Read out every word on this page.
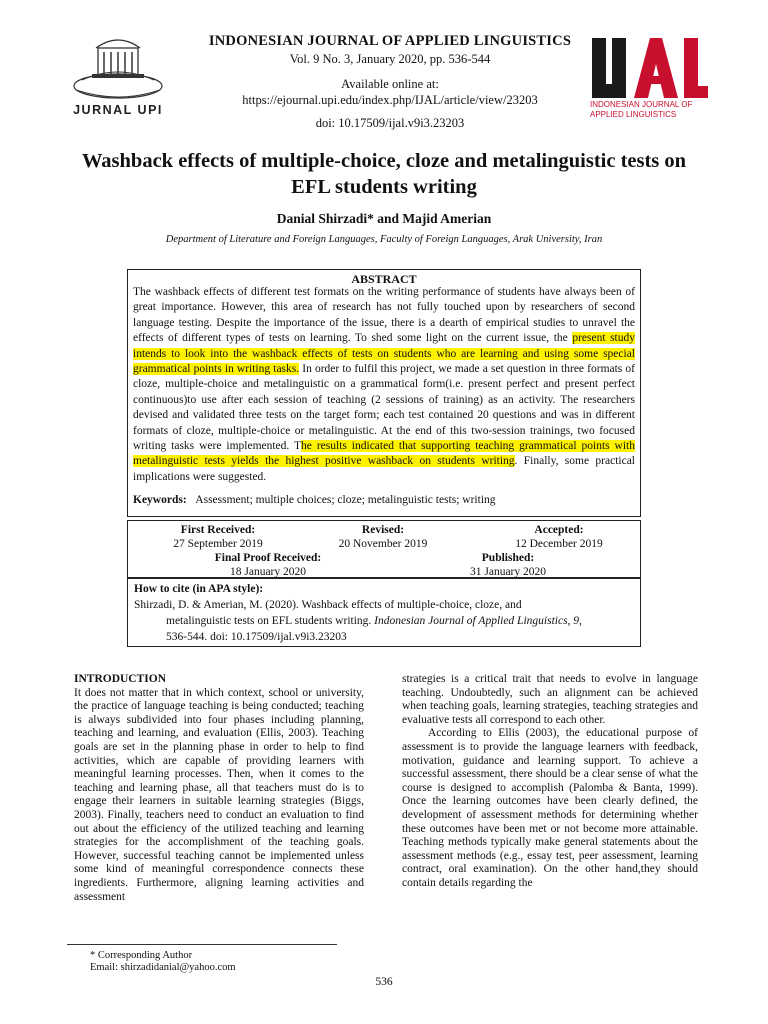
JURNAL UPI
INDONESIAN JOURNAL OF APPLIED LINGUISTICS
Vol. 9 No. 3, January 2020, pp. 536-544
Available online at:
https://ejournal.upi.edu/index.php/IJAL/article/view/23203
doi: 10.17509/ijal.v9i3.23203
INDONESIAN JOURNAL OF APPLIED LINGUISTICS
Washback effects of multiple-choice, cloze and metalinguistic tests on EFL students writing
Danial Shirzadi* and Majid Amerian
Department of Literature and Foreign Languages, Faculty of Foreign Languages, Arak University, Iran
ABSTRACT
The washback effects of different test formats on the writing performance of students have always been of great importance. However, this area of research has not fully touched upon by researchers of second language testing. Despite the importance of the issue, there is a dearth of empirical studies to unravel the effects of different types of tests on learning. To shed some light on the current issue, the present study intends to look into the washback effects of tests on students who are learning and using some special grammatical points in writing tasks. In order to fulfil this project, we made a set question in three formats of cloze, multiple-choice and metalinguistic on a grammatical form(i.e. present perfect and present perfect continuous)to use after each session of teaching (2 sessions of training) as an activity. The researchers devised and validated three tests on the target form; each test contained 20 questions and was in different formats of cloze, multiple-choice or metalinguistic. At the end of this two-session trainings, two focused writing tasks were implemented. The results indicated that supporting teaching grammatical points with metalinguistic tests yields the highest positive washback on students writing. Finally, some practical implications were suggested.
Keywords: Assessment; multiple choices; cloze; metalinguistic tests; writing
First Received:
27 September 2019
Revised:
20 November 2019
Accepted:
12 December 2019
Final Proof Received:
18 January 2020
Published:
31 January 2020
How to cite (in APA style):
Shirzadi, D. & Amerian, M. (2020). Washback effects of multiple-choice, cloze, and
metalinguistic tests on EFL students writing. Indonesian Journal of Applied Linguistics, 9,
536-544. doi: 10.17509/ijal.v9i3.23203
INTRODUCTION
It does not matter that in which context, school or university, the practice of language teaching is being conducted; teaching is always subdivided into four phases including planning, teaching and learning, and evaluation (Ellis, 2003). Teaching goals are set in the planning phase in order to help to find activities, which are capable of providing learners with meaningful learning processes. Then, when it comes to the teaching and learning phase, all that teachers must do is to engage their learners in suitable learning strategies (Biggs, 2003). Finally, teachers need to conduct an evaluation to find out about the efficiency of the utilized teaching and learning strategies for the accomplishment of the teaching goals. However, successful teaching cannot be implemented unless some kind of meaningful correspondence connects these ingredients. Furthermore, aligning learning activities and assessment
strategies is a critical trait that needs to evolve in language teaching. Undoubtedly, such an alignment can be achieved when teaching goals, learning strategies, teaching strategies and evaluative tests all correspond to each other.
According to Ellis (2003), the educational purpose of assessment is to provide the language learners with feedback, motivation, guidance and learning support. To achieve a successful assessment, there should be a clear sense of what the course is designed to accomplish (Palomba & Banta, 1999). Once the learning outcomes have been clearly defined, the development of assessment methods for determining whether these outcomes have been met or not become more attainable. Teaching methods typically make general statements about the assessment methods (e.g., essay test, peer assessment, learning contract, oral examination). On the other hand,they should contain details regarding the
* Corresponding Author
Email: shirzadidanial@yahoo.com
536
